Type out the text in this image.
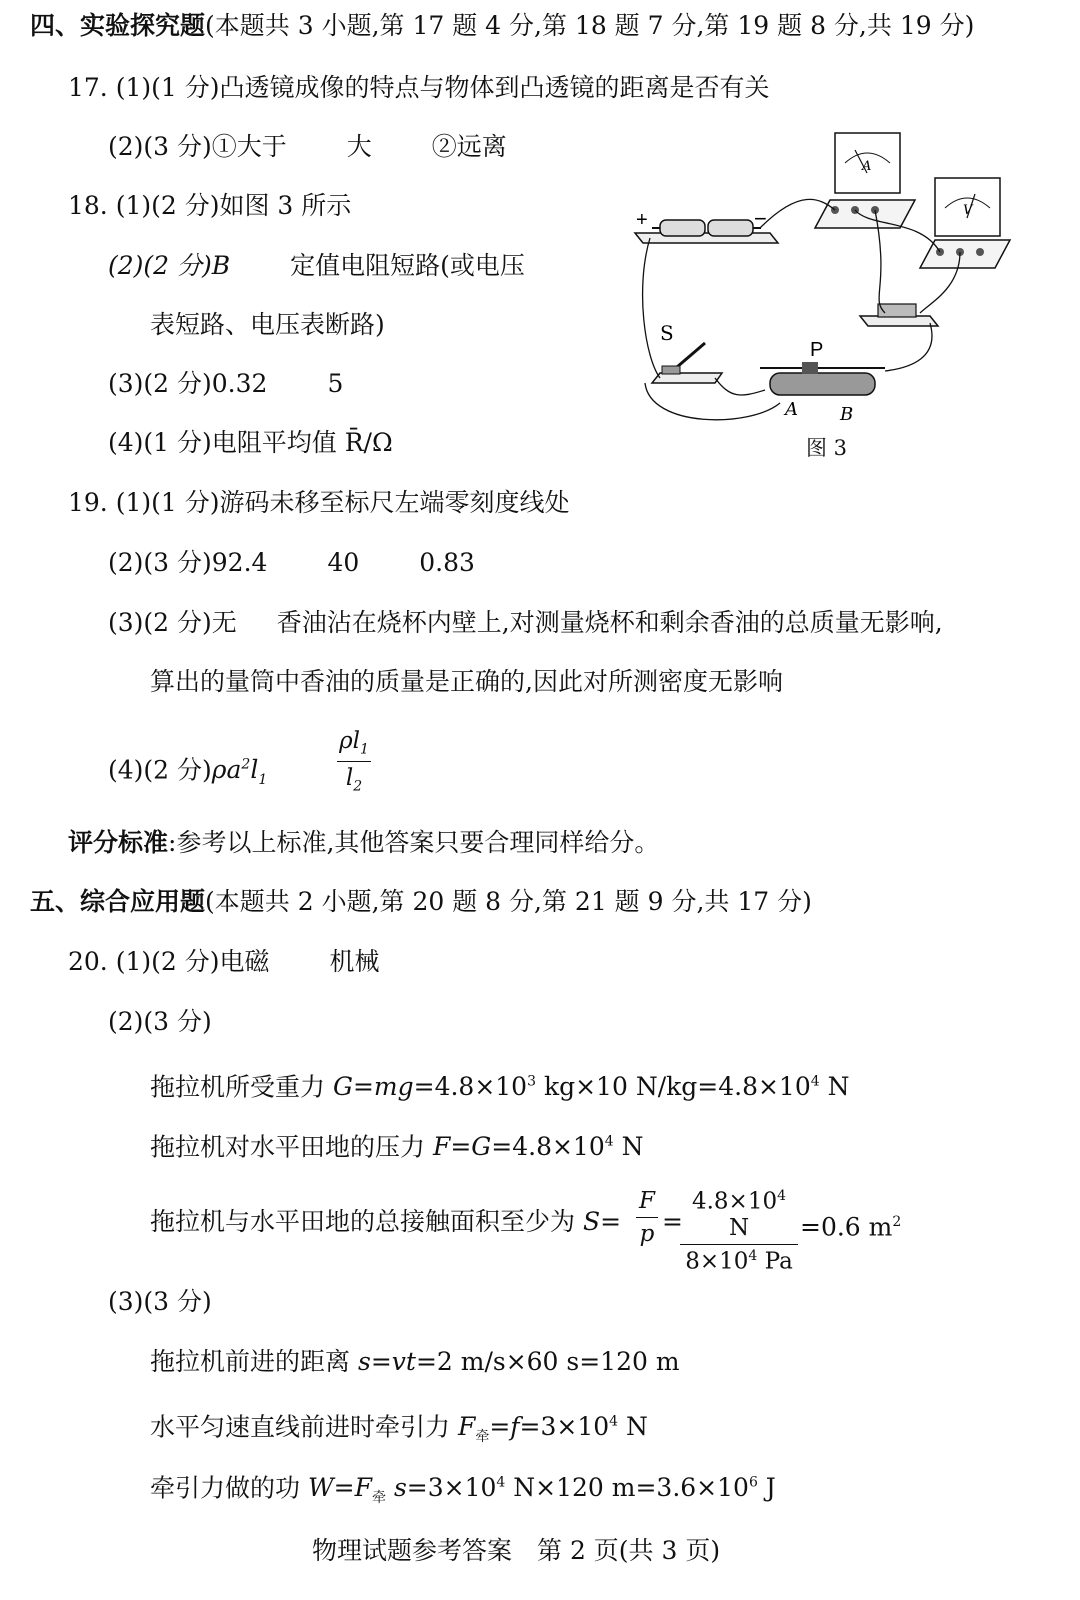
四、实验探究题(本题共 3 小题,第 17 题 4 分,第 18 题 7 分,第 19 题 8 分,共 19 分)
17. (1)(1 分)凸透镜成像的特点与物体到凸透镜的距离是否有关
(2)(3 分)①大于 大 ②远离
18. (1)(2 分)如图 3 所示
(2)(2 分)B 定值电阻短路(或电压
表短路、电压表断路)
(3)(2 分)0.32 5
(4)(1 分)电阻平均值 R̄/Ω
+	−
A
V
S
P
A B
图 3
19. (1)(1 分)游码未移至标尺左端零刻度线处
(2)(3 分)92.4 40 0.83
(3)(2 分)无 香油沾在烧杯内壁上,对测量烧杯和剩余香油的总质量无影响,
算出的量筒中香油的质量是正确的,因此对所测密度无影响
(4)(2 分)$\rho a^2l_1$
$\rho l_1$
$l_2$
评分标准:参考以上标准,其他答案只要合理同样给分。
五、综合应用题(本题共 2 小题,第 20 题 8 分,第 21 题 9 分,共 17 分)
20. (1)(2 分)电磁 机械
(2)(3 分)
拖拉机所受重力 $G=mg=4.8\times 10^3$ kg×10 $N/kg=4.8\times 10^4$ N
拖拉机对水平田地的压力 $F=G=4.8\times 10^4$ N
拖拉机与水平田地的总接触面积至少为 S=
F
p =
$4.8\times 10^4$ N
$8\times 10^4$ Pa
=0.6 $m^2$
(3)(3 分)
拖拉机前进的距离 s=vt=2 m/s×60 s=120 m
水平匀速直线前进时牵引力 $F_牵=f=3\times 10^4$ N
牵引力做的功 $W=F_牵$ $s=3\times 10^4$ N×120 $m=3.6\times 10^6$ J
物理试题参考答案　第 2 页(共 3 页)
